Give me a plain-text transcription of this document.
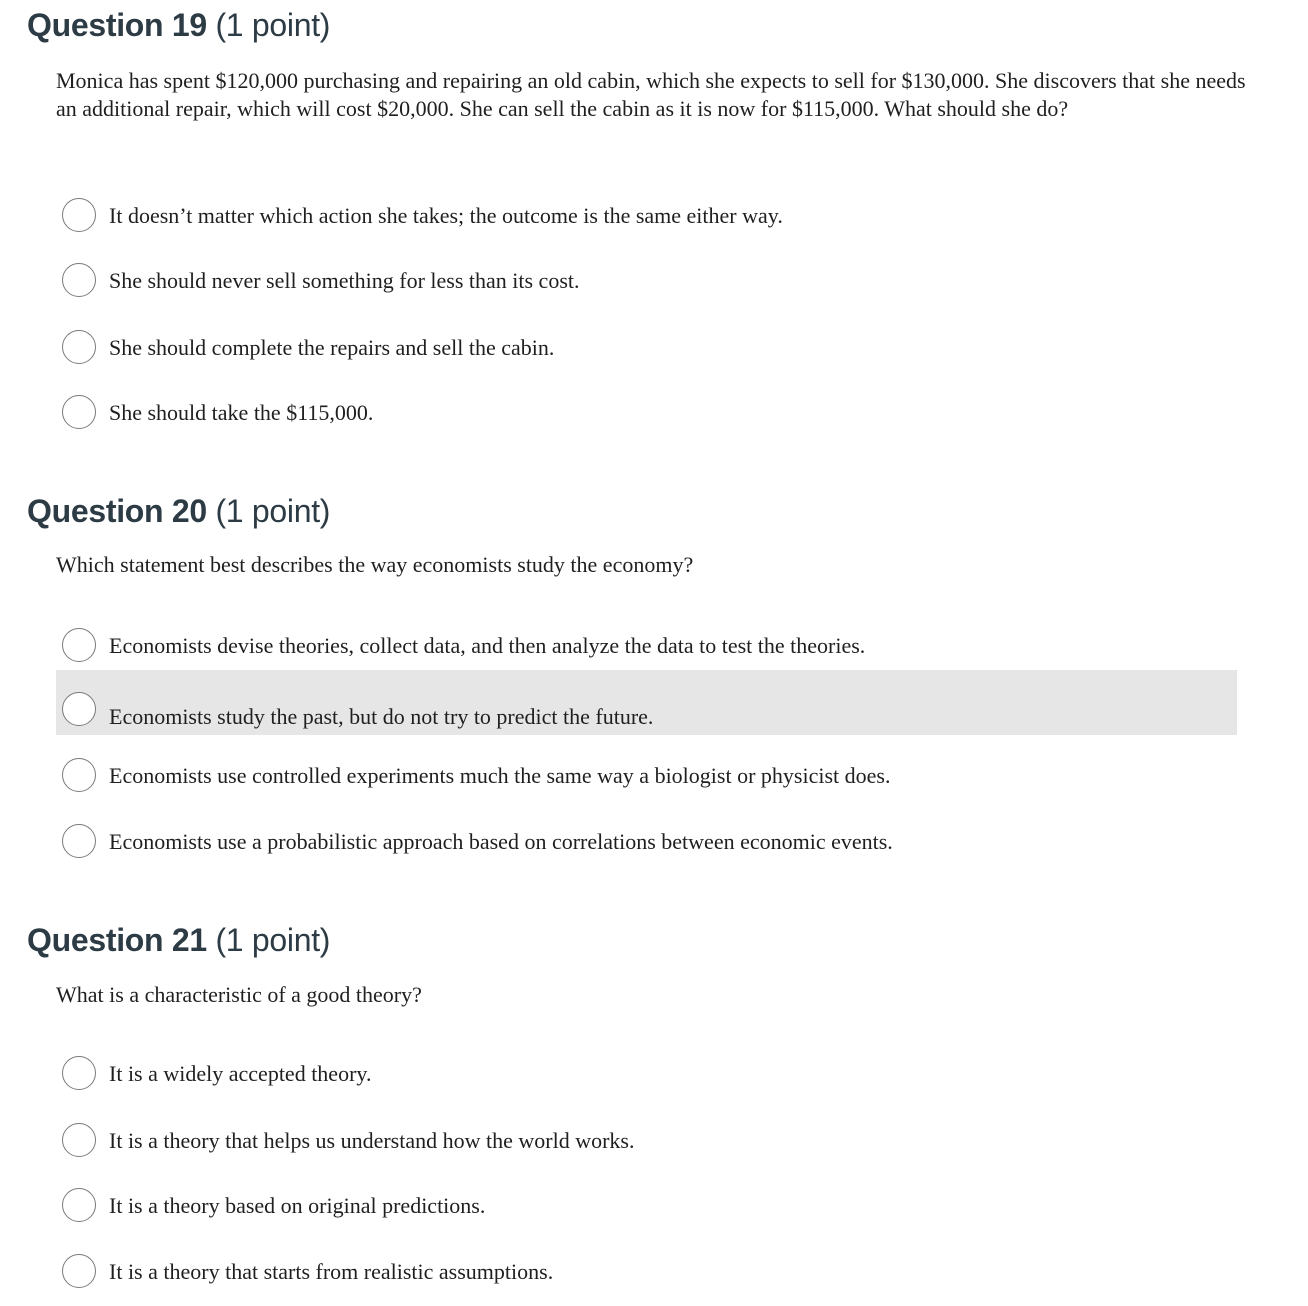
Question 19 (1 point)

Monica has spent $120,000 purchasing and repairing an old cabin, which she expects to sell for $130,000. She discovers that she needs an additional repair, which will cost $20,000. She can sell the cabin as it is now for $115,000. What should she do?

It doesn’t matter which action she takes; the outcome is the same either way.
She should never sell something for less than its cost.
She should complete the repairs and sell the cabin.
She should take the $115,000.
Question 20 (1 point)

Which statement best describes the way economists study the economy?

Economists devise theories, collect data, and then analyze the data to test the theories.
Economists study the past, but do not try to predict the future.
Economists use controlled experiments much the same way a biologist or physicist does.
Economists use a probabilistic approach based on correlations between economic events.
Question 21 (1 point)

What is a characteristic of a good theory?

It is a widely accepted theory.
It is a theory that helps us understand how the world works.
It is a theory based on original predictions.
It is a theory that starts from realistic assumptions.
